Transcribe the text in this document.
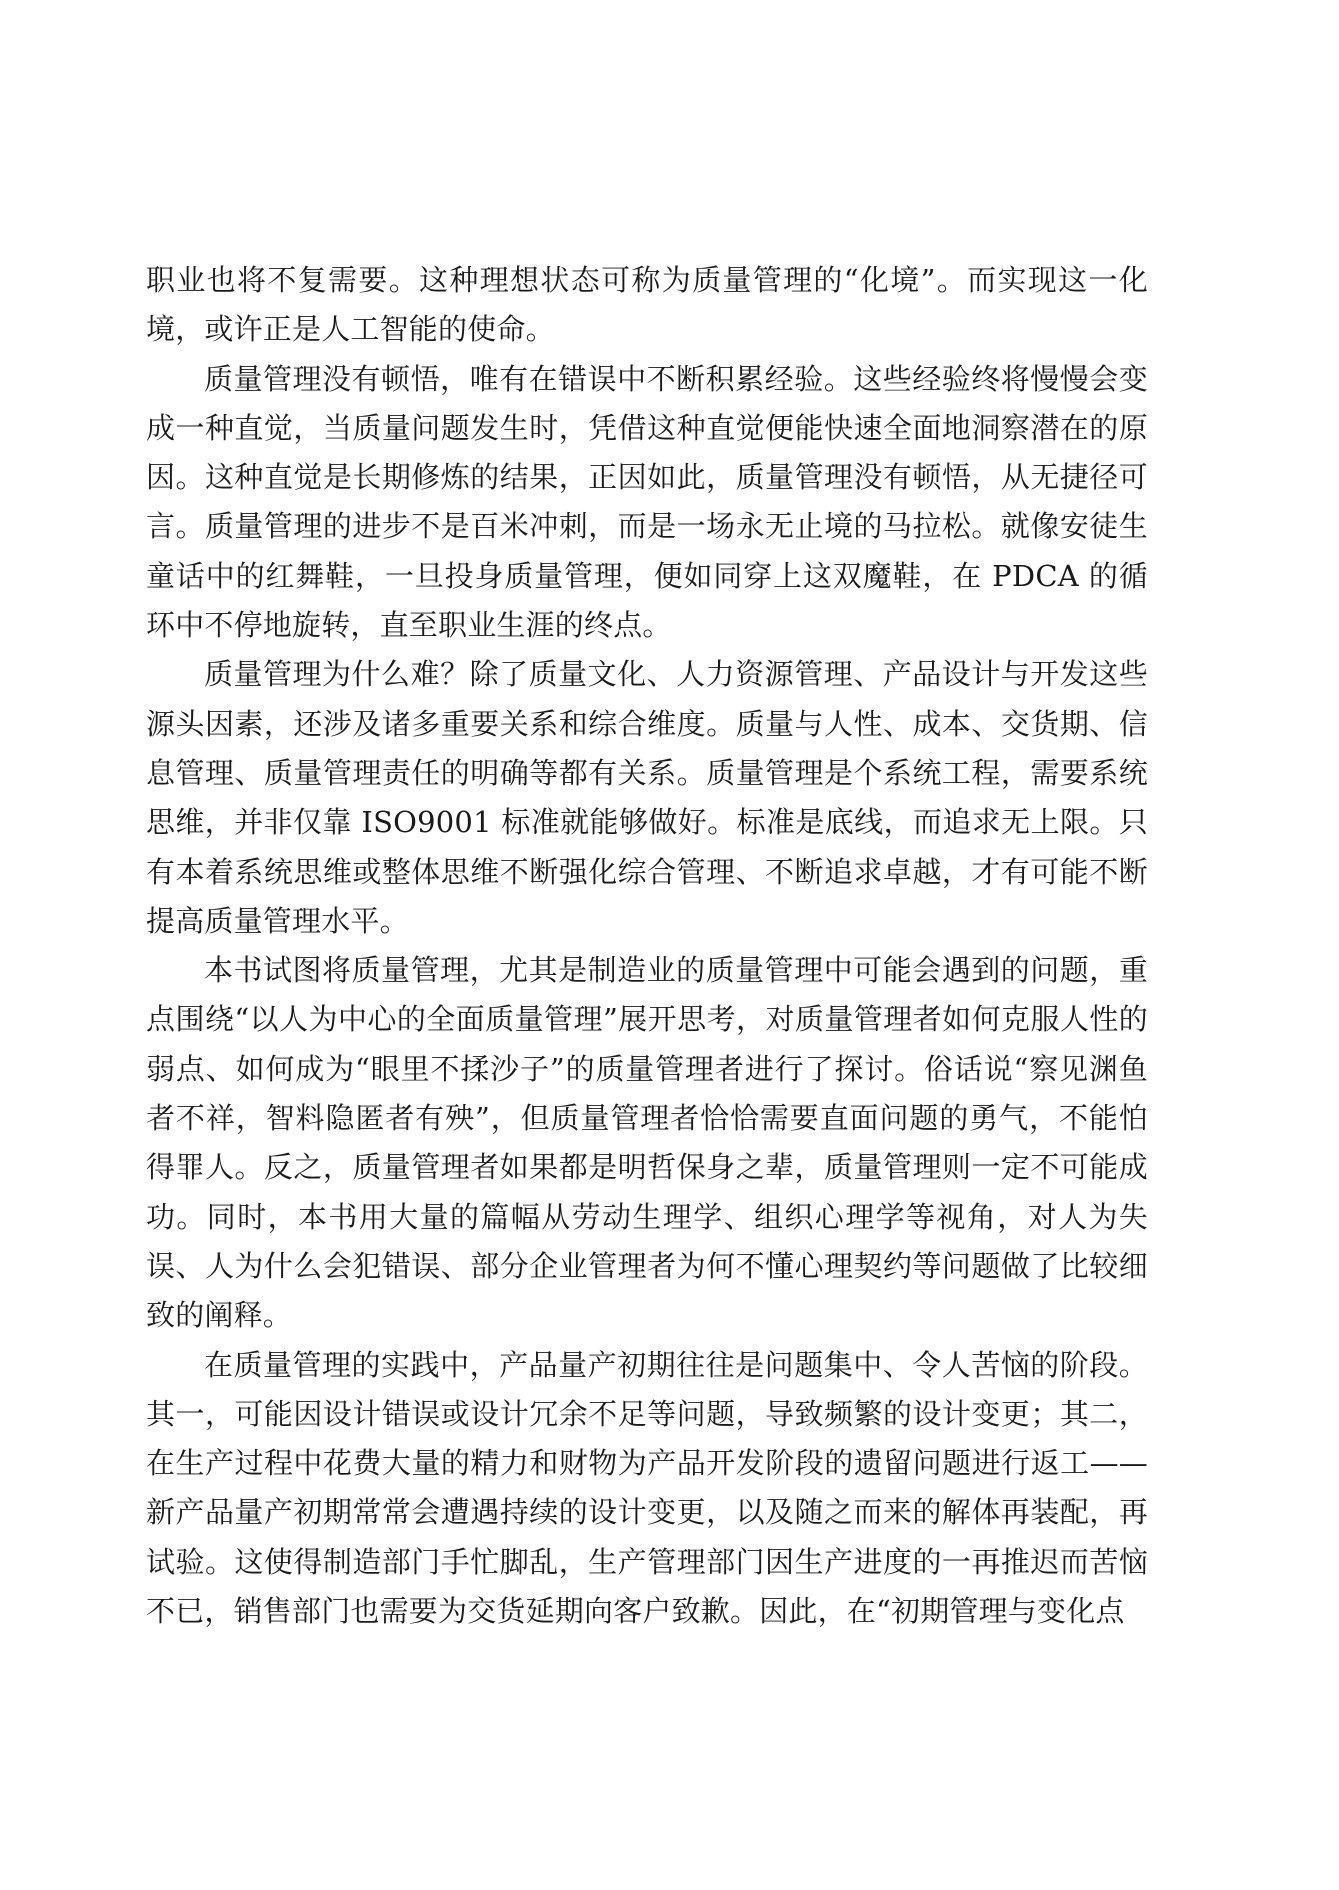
职业也将不复需要。这种理想状态可称为质量管理的“化境”。而实现这一化境，或许正是人工智能的使命。

质量管理没有顿悟，唯有在错误中不断积累经验。这些经验终将慢慢会变成一种直觉，当质量问题发生时，凭借这种直觉便能快速全面地洞察潜在的原因。这种直觉是长期修炼的结果，正因如此，质量管理没有顿悟，从无捷径可言。质量管理的进步不是百米冲刺，而是一场永无止境的马拉松。就像安徒生童话中的红舞鞋，一旦投身质量管理，便如同穿上这双魔鞋，在 PDCA 的循环中不停地旋转，直至职业生涯的终点。

质量管理为什么难？除了质量文化、人力资源管理、产品设计与开发这些源头因素，还涉及诸多重要关系和综合维度。质量与人性、成本、交货期、信息管理、质量管理责任的明确等都有关系。质量管理是个系统工程，需要系统思维，并非仅靠 ISO9001 标准就能够做好。标准是底线，而追求无上限。只有本着系统思维或整体思维不断强化综合管理、不断追求卓越，才有可能不断提高质量管理水平。

本书试图将质量管理，尤其是制造业的质量管理中可能会遇到的问题，重点围绕“以人为中心的全面质量管理”展开思考，对质量管理者如何克服人性的弱点、如何成为“眼里不揉沙子”的质量管理者进行了探讨。俗话说“察见渊鱼者不祥，智料隐匿者有殃”，但质量管理者恰恰需要直面问题的勇气，不能怕得罪人。反之，质量管理者如果都是明哲保身之辈，质量管理则一定不可能成功。同时，本书用大量的篇幅从劳动生理学、组织心理学等视角，对人为失误、人为什么会犯错误、部分企业管理者为何不懂心理契约等问题做了比较细致的阐释。

在质量管理的实践中，产品量产初期往往是问题集中、令人苦恼的阶段。其一，可能因设计错误或设计冗余不足等问题，导致频繁的设计变更；其二，在生产过程中花费大量的精力和财物为产品开发阶段的遗留问题进行返工——新产品量产初期常常会遭遇持续的设计变更，以及随之而来的解体再装配，再试验。这使得制造部门手忙脚乱，生产管理部门因生产进度的一再推迟而苦恼不已，销售部门也需要为交货延期向客户致歉。因此，在“初期管理与变化点
